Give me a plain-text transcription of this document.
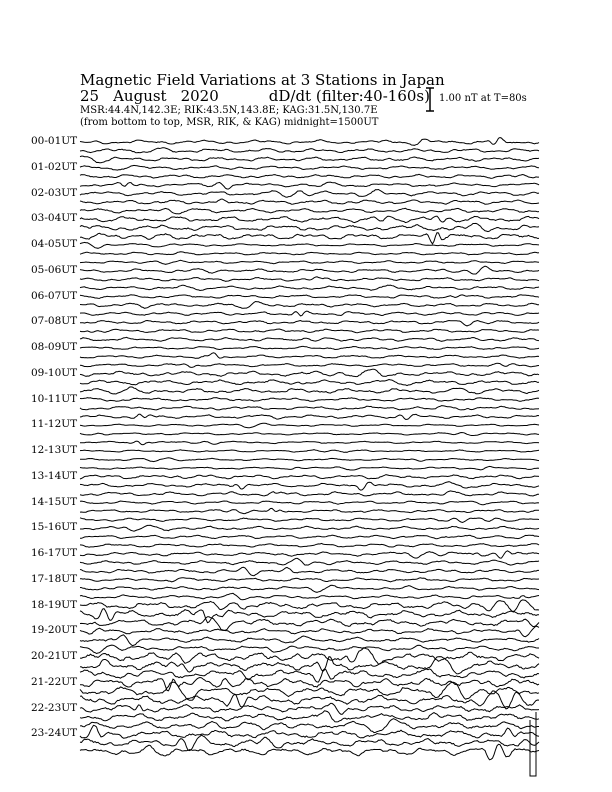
Magnetic Field Variations at 3 Stations in Japan
25 August 2020	dD/dt (filter:40-160s)
MSR:44.4N,142.3E; RIK:43.5N,143.8E; KAG:31.5N,130.7E
(from bottom to top, MSR, RIK, & KAG) midnight=1500UT
1.00 nT at T=80s
00-01UT
01-02UT
02-03UT
03-04UT
04-05UT
05-06UT
06-07UT
07-08UT
08-09UT
09-10UT
10-11UT
11-12UT
12-13UT
13-14UT
14-15UT
15-16UT
16-17UT
17-18UT
18-19UT
19-20UT
20-21UT
21-22UT
22-23UT
23-24UT
